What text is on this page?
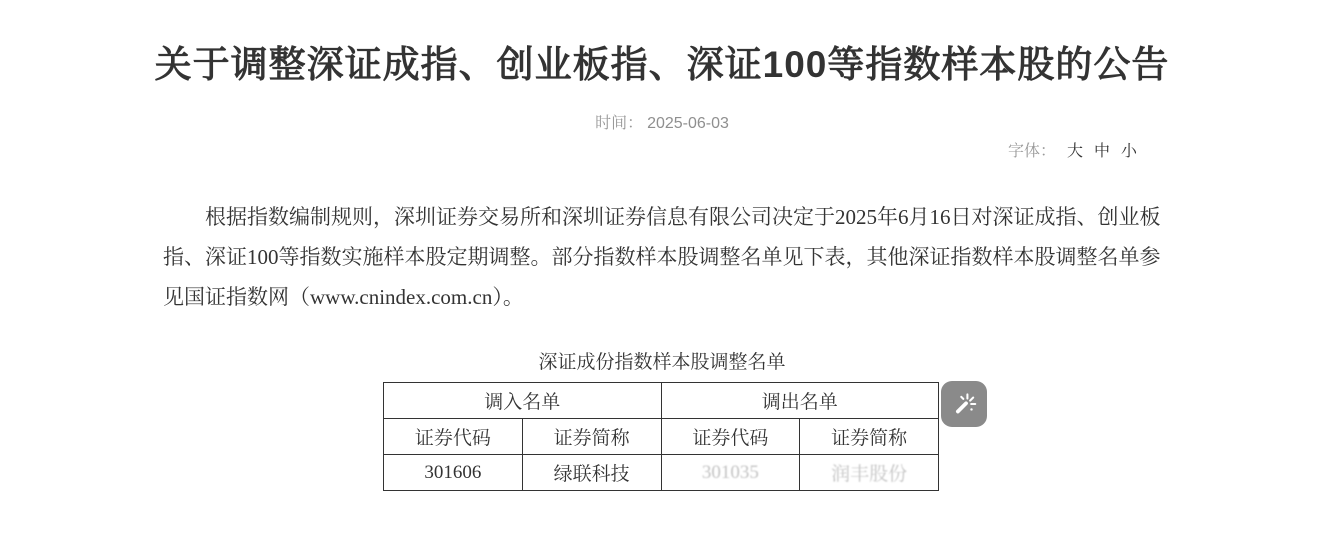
关于调整深证成指、创业板指、深证100等指数样本股的公告
时间： 2025-06-03
字体： 大 中 小

根据指数编制规则，深圳证券交易所和深圳证券信息有限公司决定于2025年6月16日对深证成指、创业板指、深证100等指数实施样本股定期调整。部分指数样本股调整名单见下表，其他深证指数样本股调整名单参见国证指数网（www.cnindex.com.cn）。

深证成份指数样本股调整名单
调入名单		调出名单	
证券代码	证券简称	证券代码	证券简称
301606	绿联科技	301035	润丰股份
